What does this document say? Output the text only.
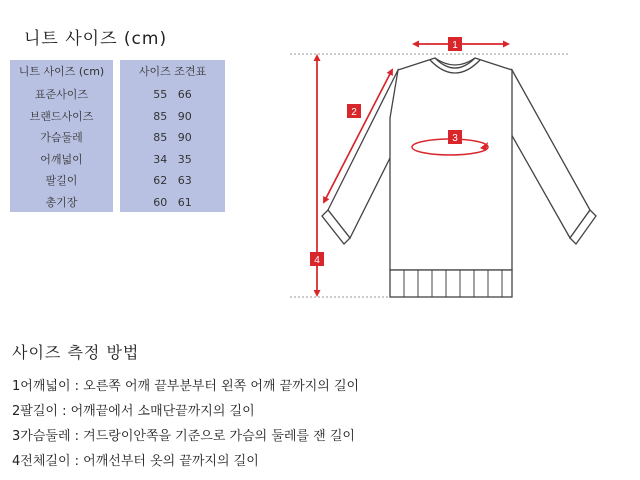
니트 사이즈 (cm)
니트 사이즈 (cm)
표준사이즈
브랜드사이즈
가슴둘레
어깨넓이
팔길이
총기장
사이즈 조견표
55 66
85 90
85 90
34 35
62 63
60 61
1
2
3
4
사이즈 측정 방법
1어깨넓이 : 오른쪽 어깨 끝부분부터 왼쪽 어깨 끝까지의 길이
2팔길이 : 어깨끝에서 소매단끝까지의 길이
3가슴둘레 : 겨드랑이안쪽을 기준으로 가슴의 둘레를 잰 길이
4전체길이 : 어깨선부터 옷의 끝까지의 길이
